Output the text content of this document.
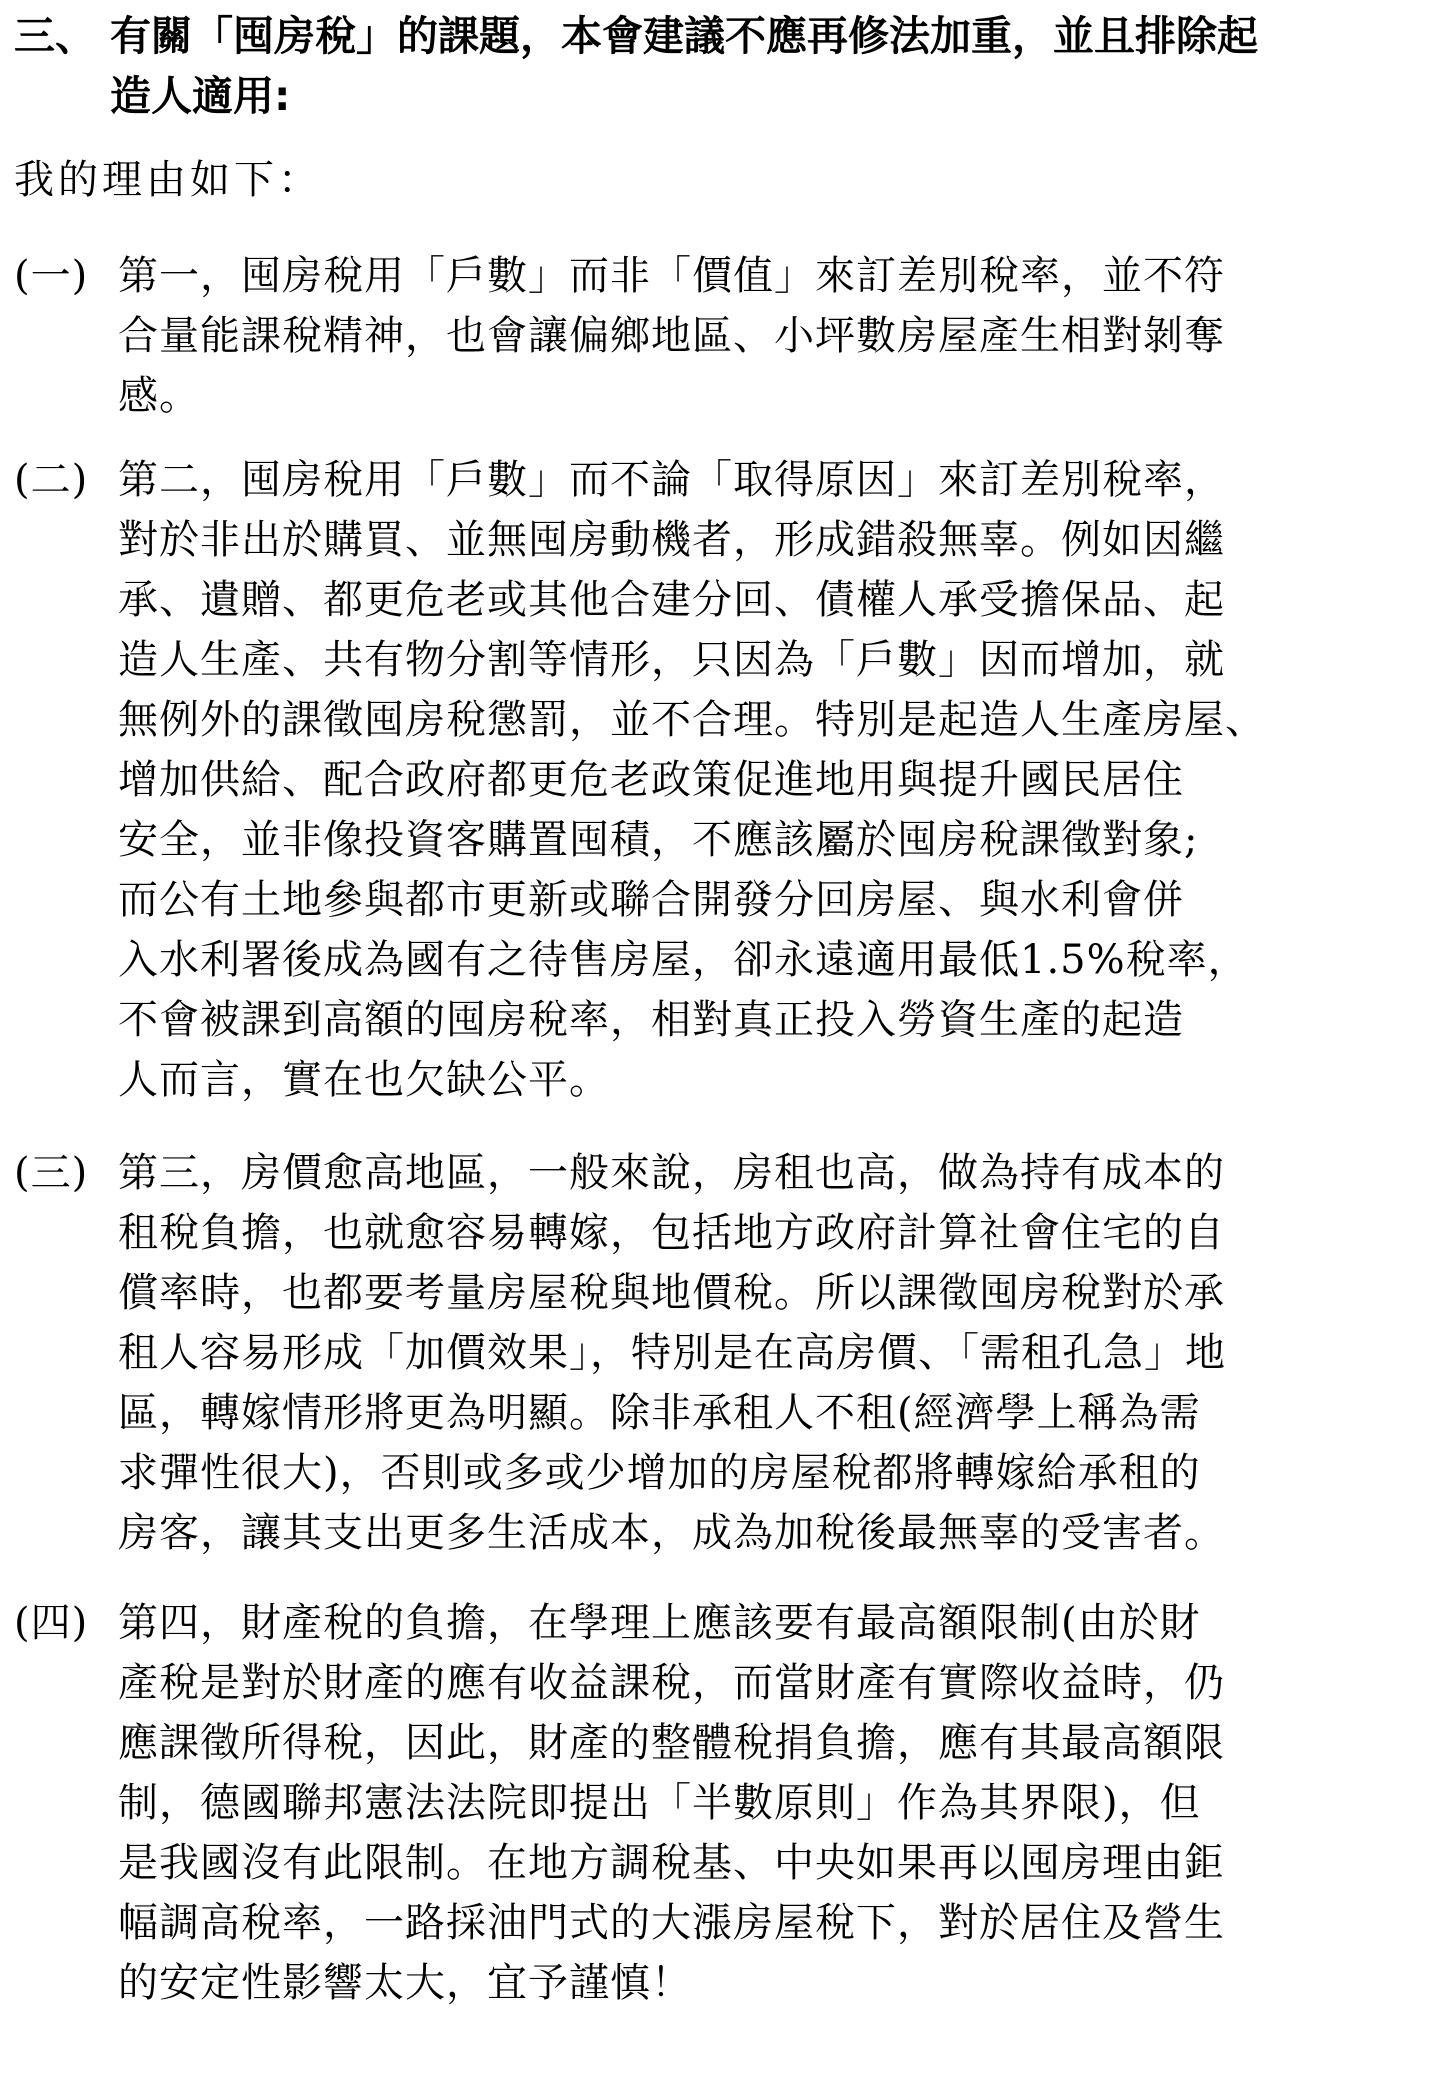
三、 有關「囤房稅」的課題，本會建議不應再修法加重，並且排除起
造人適用:
我的理由如下：
(一) 第一，囤房稅用「戶數」而非「價值」來訂差別稅率，並不符
合量能課稅精神，也會讓偏鄉地區、小坪數房屋產生相對剝奪
感。
(二) 第二，囤房稅用「戶數」而不論「取得原因」來訂差別稅率，
對於非出於購買、並無囤房動機者，形成錯殺無辜。例如因繼
承、遺贈、都更危老或其他合建分回、債權人承受擔保品、起
造人生產、共有物分割等情形，只因為「戶數」因而增加，就
無例外的課徵囤房稅懲罰，並不合理。特別是起造人生產房屋、
增加供給、配合政府都更危老政策促進地用與提升國民居住
安全，並非像投資客購置囤積，不應該屬於囤房稅課徵對象;
而公有土地參與都市更新或聯合開發分回房屋、與水利會併
入水利署後成為國有之待售房屋，卻永遠適用最低1.5%稅率，
不會被課到高額的囤房稅率，相對真正投入勞資生產的起造
人而言，實在也欠缺公平。
(三) 第三，房價愈高地區，一般來說，房租也高，做為持有成本的
租稅負擔，也就愈容易轉嫁，包括地方政府計算社會住宅的自
償率時，也都要考量房屋稅與地價稅。所以課徵囤房稅對於承
租人容易形成「加價效果」，特別是在高房價、「需租孔急」地
區，轉嫁情形將更為明顯。除非承租人不租(經濟學上稱為需
求彈性很大)，否則或多或少增加的房屋稅都將轉嫁給承租的
房客，讓其支出更多生活成本，成為加稅後最無辜的受害者。
(四) 第四，財產稅的負擔，在學理上應該要有最高額限制(由於財
產稅是對於財產的應有收益課稅，而當財產有實際收益時，仍
應課徵所得稅，因此，財產的整體稅捐負擔，應有其最高額限
制，德國聯邦憲法法院即提出「半數原則」作為其界限)，但
是我國沒有此限制。在地方調稅基、中央如果再以囤房理由鉅
幅調高稅率，一路採油門式的大漲房屋稅下，對於居住及營生
的安定性影響太大，宜予謹慎！
